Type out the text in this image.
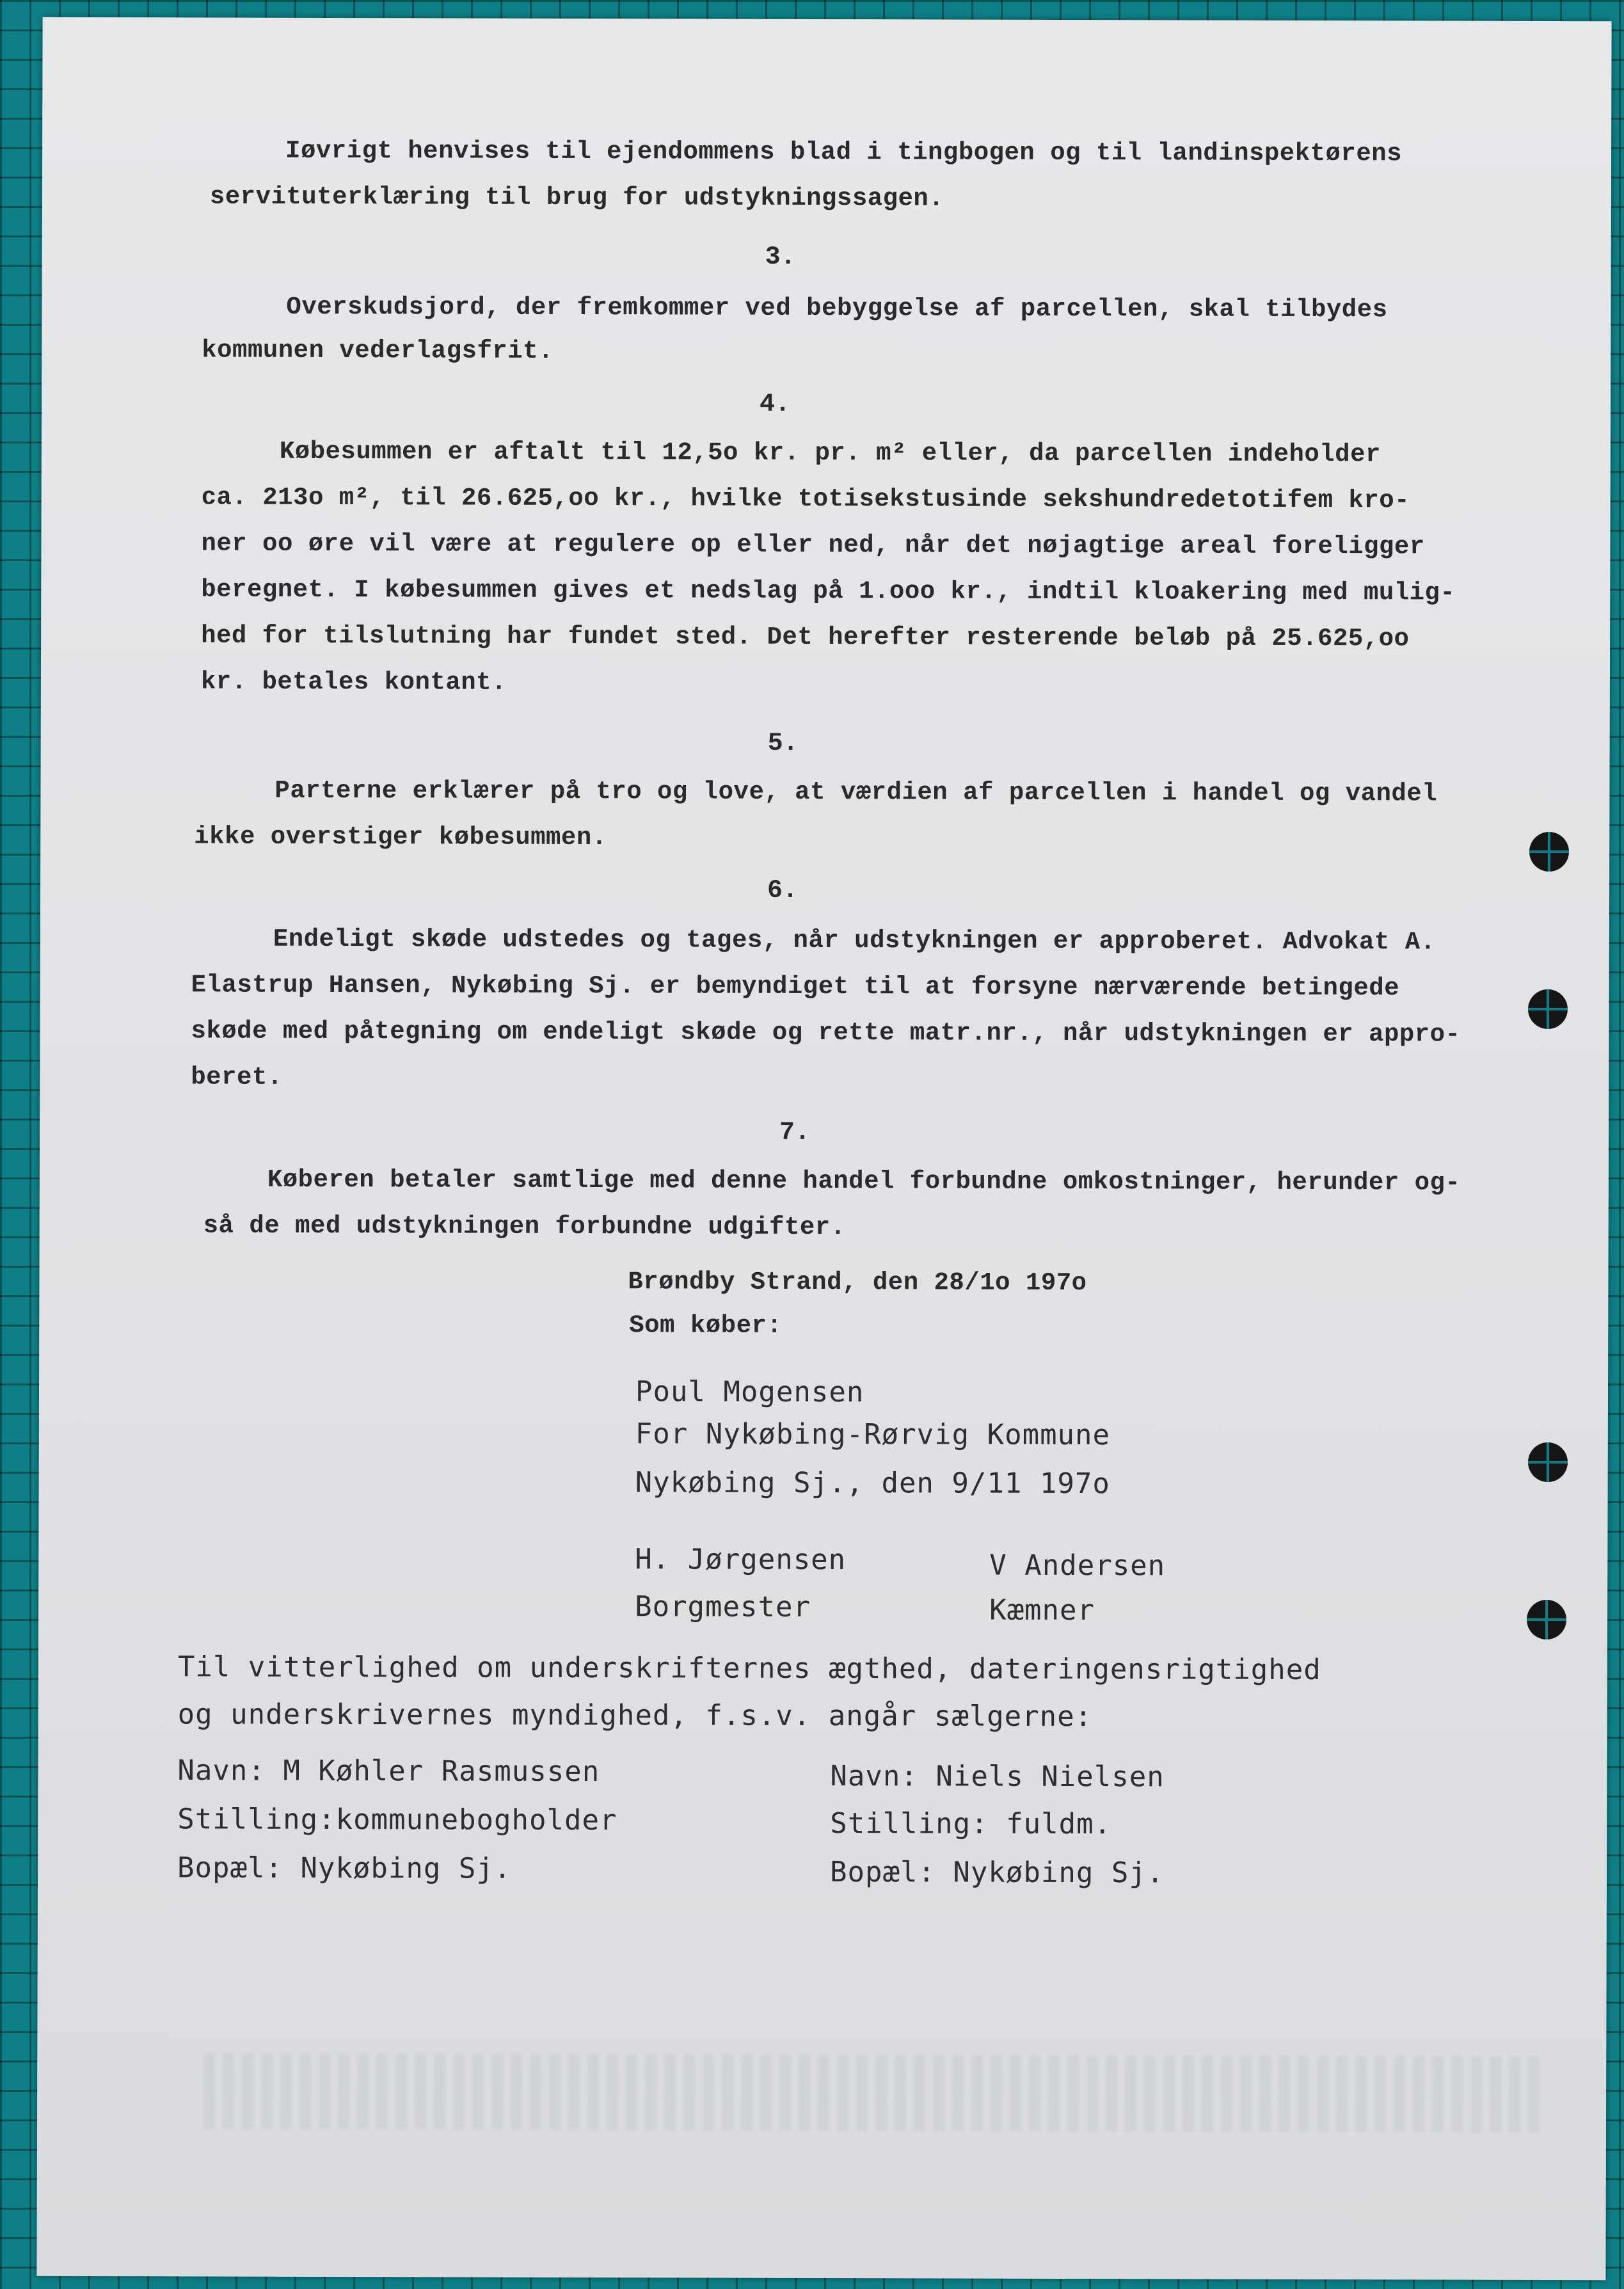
Iøvrigt henvises til ejendommens blad i tingbogen og til landinspektørens
servituterklæring til brug for udstykningssagen.
3.
Overskudsjord, der fremkommer ved bebyggelse af parcellen, skal tilbydes
kommunen vederlagsfrit.
4.
Købesummen er aftalt til 12,5o kr. pr. m² eller, da parcellen indeholder
ca. 213o m², til 26.625,oo kr., hvilke totisekstusinde sekshundredetotifem kro-
ner oo øre vil være at regulere op eller ned, når det nøjagtige areal foreligger
beregnet. I købesummen gives et nedslag på 1.ooo kr., indtil kloakering med mulig-
hed for tilslutning har fundet sted. Det herefter resterende beløb på 25.625,oo
kr. betales kontant.
5.
Parterne erklærer på tro og love, at værdien af parcellen i handel og vandel
ikke overstiger købesummen.
6.
Endeligt skøde udstedes og tages, når udstykningen er approberet. Advokat A.
Elastrup Hansen, Nykøbing Sj. er bemyndiget til at forsyne nærværende betingede
skøde med påtegning om endeligt skøde og rette matr.nr., når udstykningen er appro-
beret.
7.
Køberen betaler samtlige med denne handel forbundne omkostninger, herunder og-
så de med udstykningen forbundne udgifter.
Brøndby Strand, den 28/1o 197o
Som køber:
Poul Mogensen
For Nykøbing-Rørvig Kommune
Nykøbing Sj., den 9/11 197o
H. Jørgensen	V Andersen
Borgmester	Kæmner
Til vitterlighed om underskrifternes ægthed, dateringensrigtighed
og underskrivernes myndighed, f.s.v. angår sælgerne:
Navn: M Køhler Rasmussen	Navn: Niels Nielsen
Stilling:kommunebogholder	Stilling: fuldm.
Bopæl: Nykøbing Sj.	Bopæl: Nykøbing Sj.
